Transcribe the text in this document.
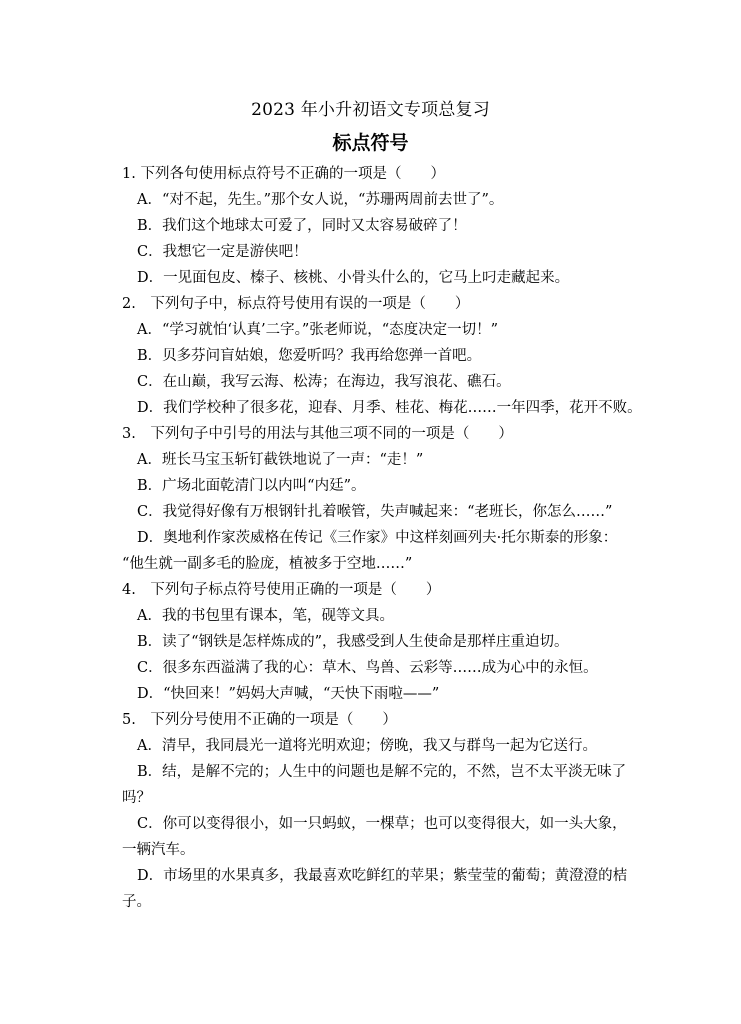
2023 年小升初语文专项总复习
标点符号
1. 下列各句使用标点符号不正确的一项是（　　）
A．“对不起，先生。”那个女人说，“苏珊两周前去世了”。
B．我们这个地球太可爱了，同时又太容易破碎了！
C．我想它一定是游侠吧！
D．一见面包皮、榛子、核桃、小骨头什么的，它马上叼走藏起来。
2.　下列句子中，标点符号使用有误的一项是（　　）
A．“学习就怕‘认真’二字。”张老师说，“态度决定一切！”
B．贝多芬问盲姑娘，您爱听吗？我再给您弹一首吧。
C．在山巅，我写云海、松涛；在海边，我写浪花、礁石。
D．我们学校种了很多花，迎春、月季、桂花、梅花……一年四季，花开不败。
3.　下列句子中引号的用法与其他三项不同的一项是（　　）
A．班长马宝玉斩钉截铁地说了一声：“走！”
B．广场北面乾清门以内叫“内廷”。
C．我觉得好像有万根钢针扎着喉管，失声喊起来：“老班长，你怎么……”
D．奥地利作家茨威格在传记《三作家》中这样刻画列夫·托尔斯泰的形象：
“他生就一副多毛的脸庞，植被多于空地……”
4.　下列句子标点符号使用正确的一项是（　　）
A．我的书包里有课本，笔，砚等文具。
B．读了“钢铁是怎样炼成的”，我感受到人生使命是那样庄重迫切。
C．很多东西溢满了我的心：草木、鸟兽、云彩等……成为心中的永恒。
D．“快回来！”妈妈大声喊，“天快下雨啦——”
5.　下列分号使用不正确的一项是（　　）
A．清早，我同晨光一道将光明欢迎；傍晚，我又与群鸟一起为它送行。
B．结，是解不完的；人生中的问题也是解不完的，不然，岂不太平淡无味了
吗？
C．你可以变得很小，如一只蚂蚁，一棵草；也可以变得很大，如一头大象，
一辆汽车。
D．市场里的水果真多，我最喜欢吃鲜红的苹果；紫莹莹的葡萄；黄澄澄的桔
子。
